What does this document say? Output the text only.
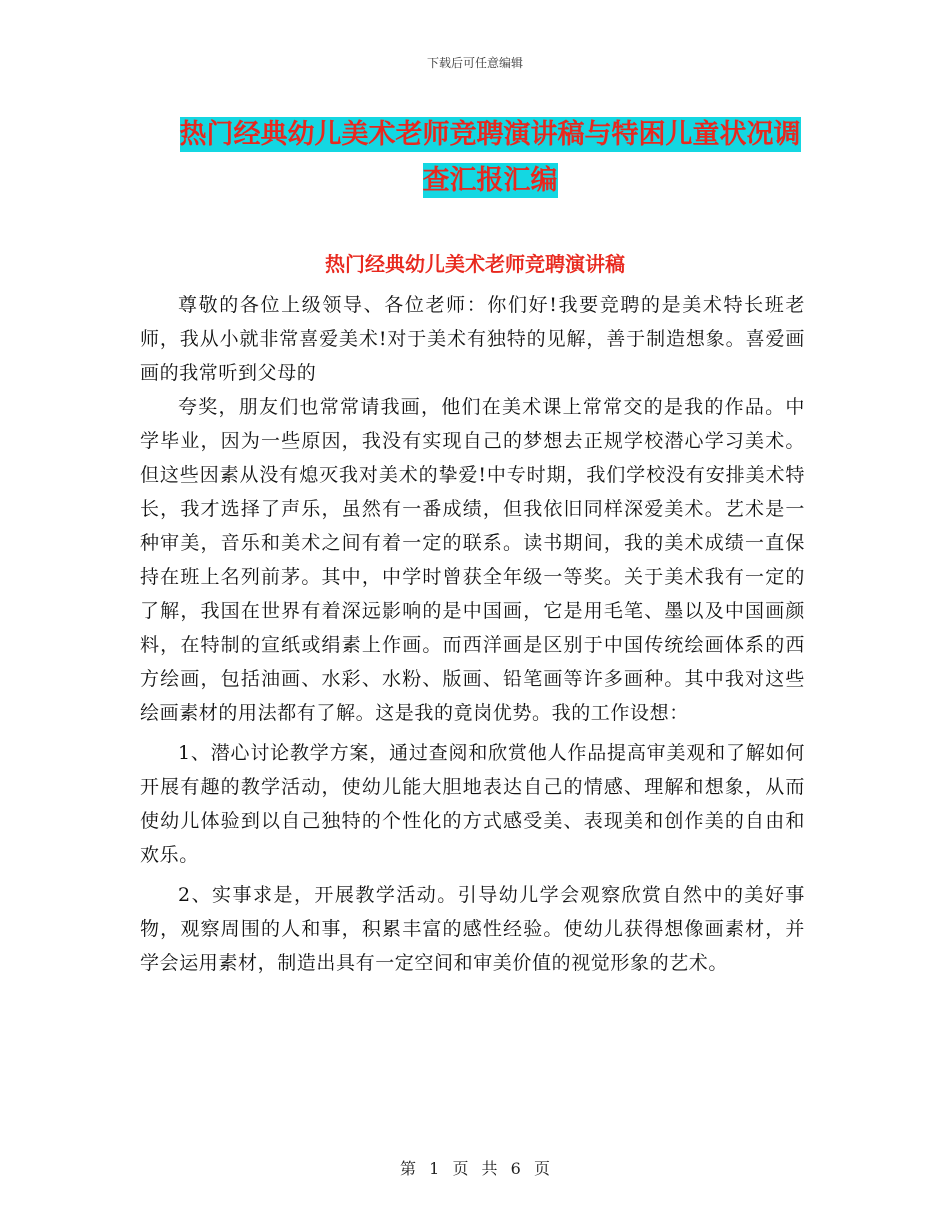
下载后可任意编辑
热门经典幼儿美术老师竞聘演讲稿与特困儿童状况调
查汇报汇编
热门经典幼儿美术老师竞聘演讲稿

尊敬的各位上级领导、各位老师：你们好!我要竞聘的是美术特长班老师，我从小就非常喜爱美术!对于美术有独特的见解，善于制造想象。喜爱画画的我常听到父母的

夸奖，朋友们也常常请我画，他们在美术课上常常交的是我的作品。中学毕业，因为一些原因，我没有实现自己的梦想去正规学校潜心学习美术。但这些因素从没有熄灭我对美术的挚爱!中专时期，我们学校没有安排美术特长，我才选择了声乐，虽然有一番成绩，但我依旧同样深爱美术。艺术是一种审美，音乐和美术之间有着一定的联系。读书期间，我的美术成绩一直保持在班上名列前茅。其中，中学时曾获全年级一等奖。关于美术我有一定的了解，我国在世界有着深远影响的是中国画，它是用毛笔、墨以及中国画颜料，在特制的宣纸或绢素上作画。而西洋画是区别于中国传统绘画体系的西方绘画，包括油画、水彩、水粉、版画、铅笔画等许多画种。其中我对这些绘画素材的用法都有了解。这是我的竟岗优势。我的工作设想：

1、潜心讨论教学方案，通过查阅和欣赏他人作品提高审美观和了解如何开展有趣的教学活动，使幼儿能大胆地表达自己的情感、理解和想象，从而使幼儿体验到以自己独特的个性化的方式感受美、表现美和创作美的自由和欢乐。

2、实事求是，开展教学活动。引导幼儿学会观察欣赏自然中的美好事物，观察周围的人和事，积累丰富的感性经验。使幼儿获得想像画素材，并学会运用素材，制造出具有一定空间和审美价值的视觉形象的艺术。

第 1 页 共 6 页
